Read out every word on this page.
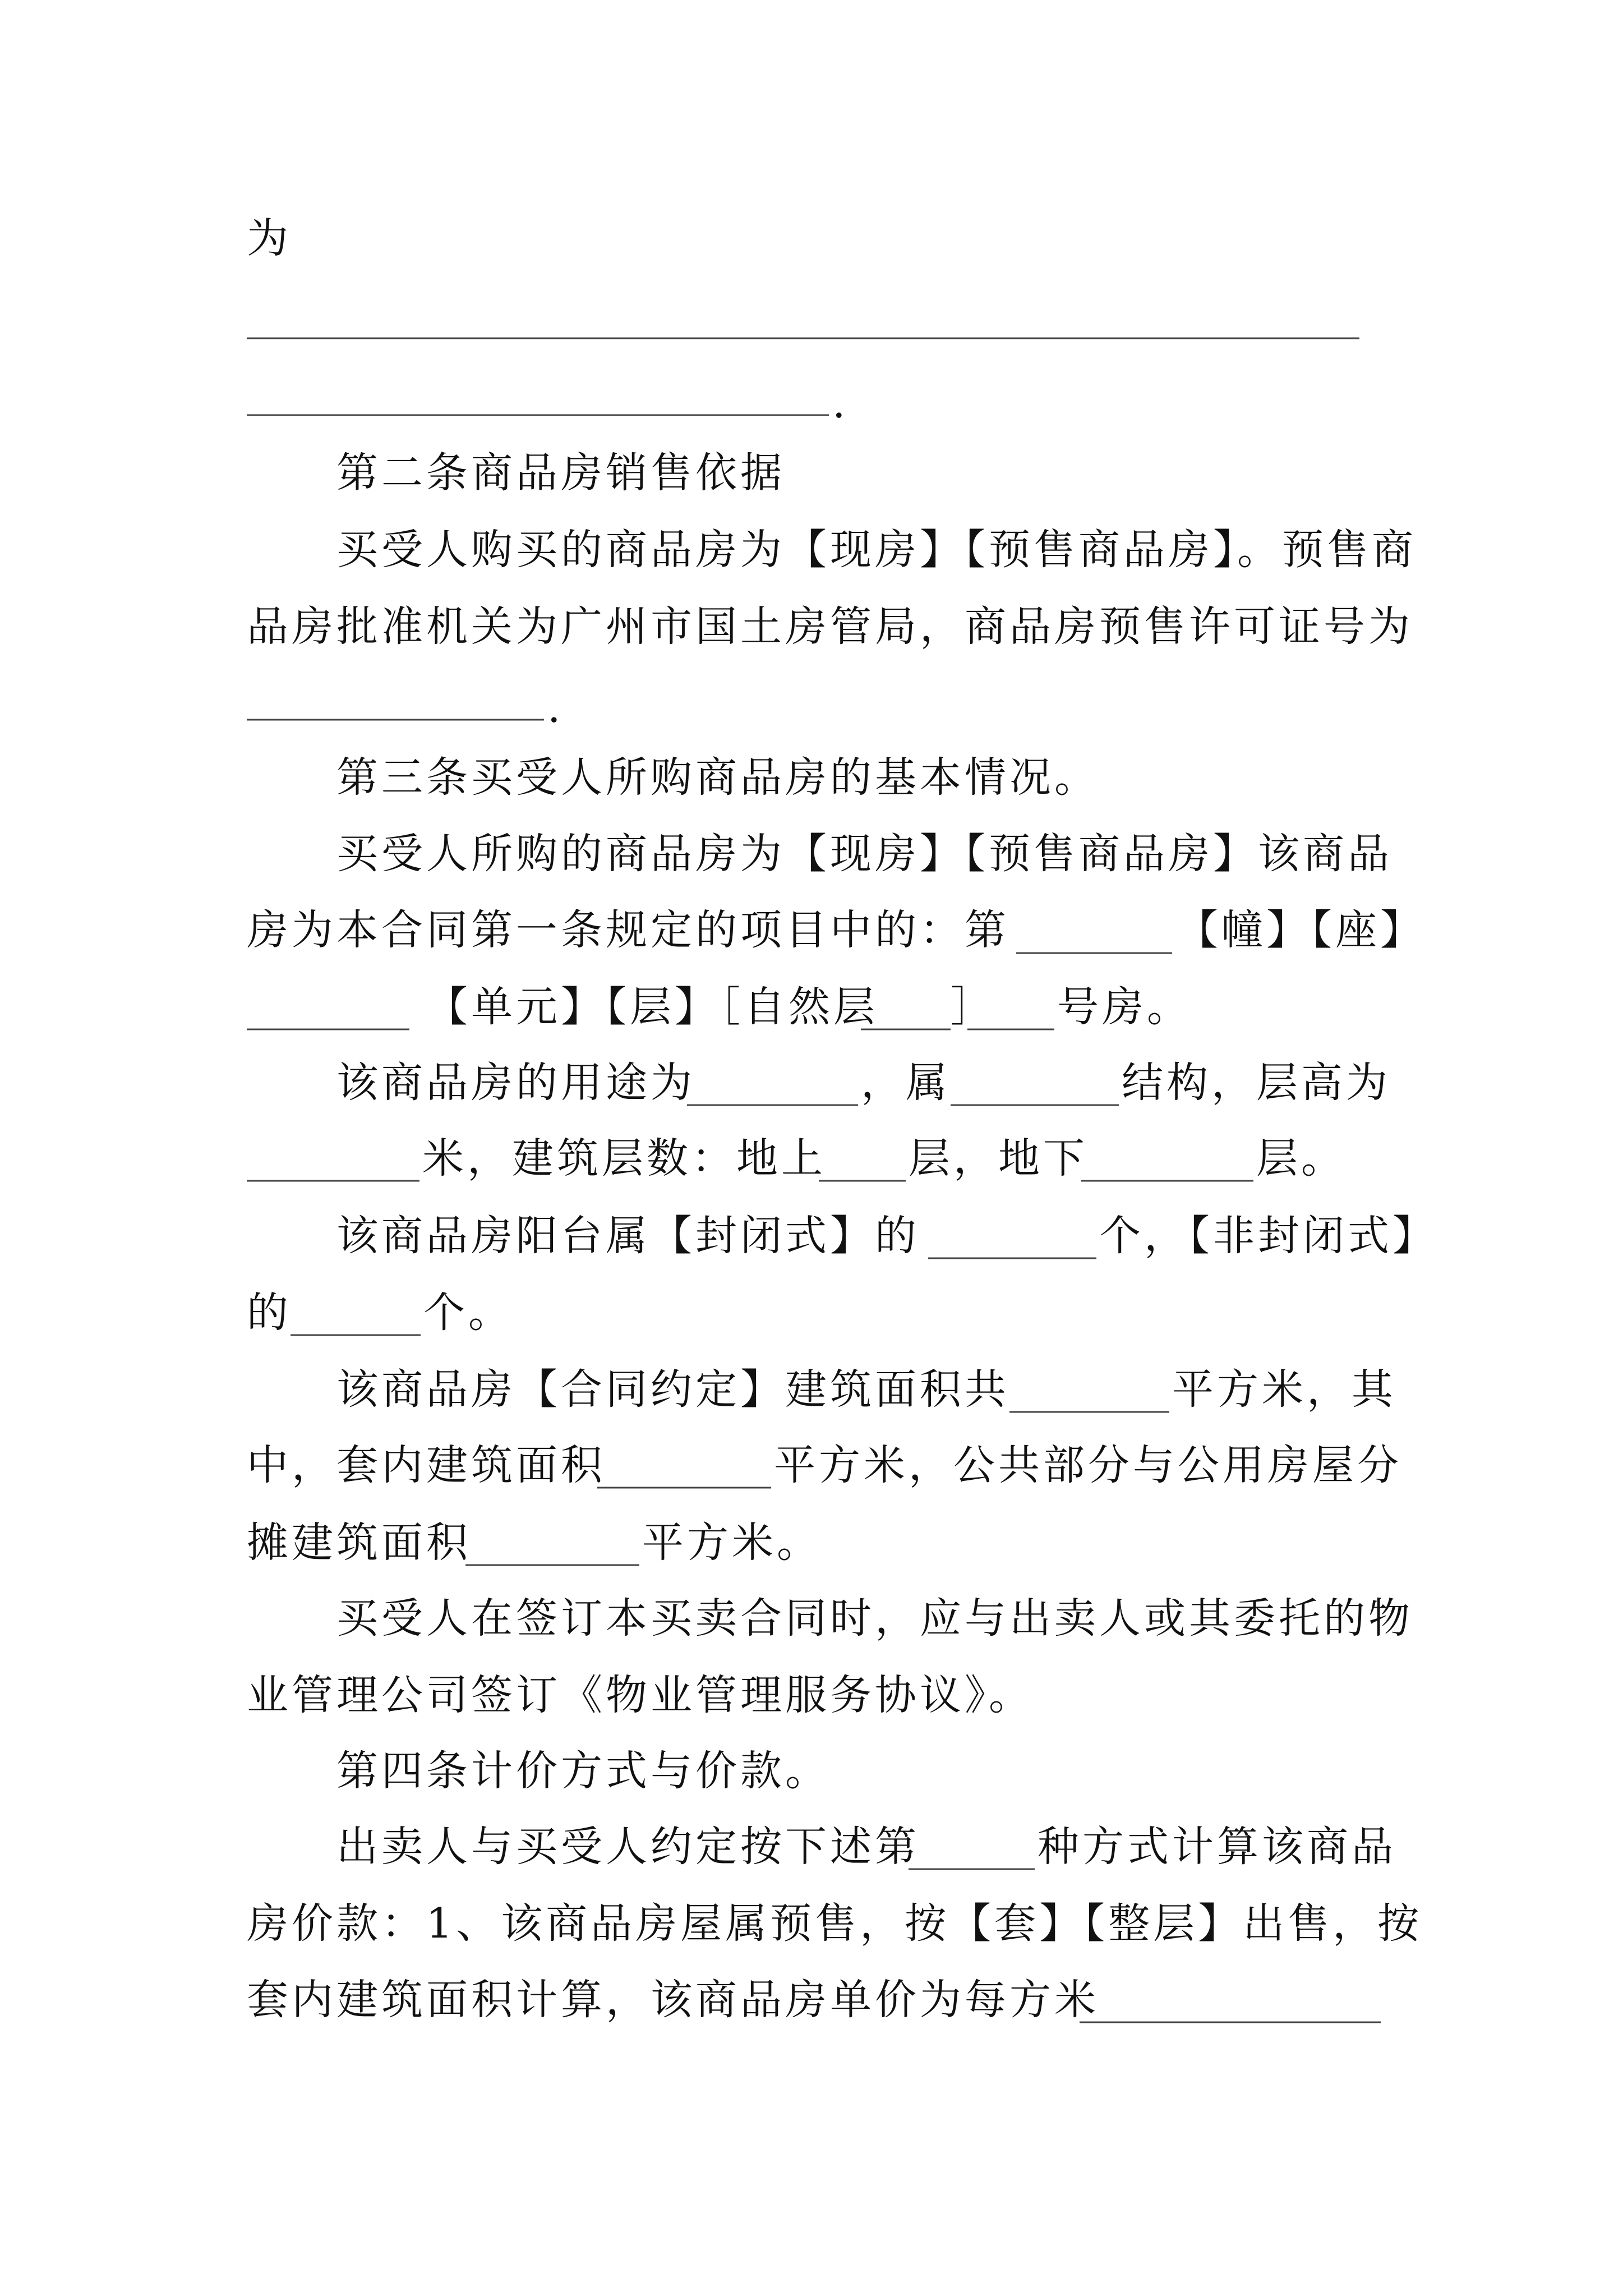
为
.
第二条商品房销售依据
买受人购买的商品房为【现房】【预售商品房】。预售商
品房批准机关为广州市国土房管局，商品房预售许可证号为
.
第三条买受人所购商品房的基本情况。
买受人所购的商品房为【现房】【预售商品房】该商品
房为本合同第一条规定的项目中的：第	【幢】【座】
【单元】【层】［自然层 ］ 号房。
该商品房的用途为	，属	结构，层高为
米，建筑层数：地上 层，地下	层。
该商品房阳台属【封闭式】的	个，【非封闭式】
的	个。
该商品房【合同约定】建筑面积共	平方米，其
中，套内建筑面积	平方米，公共部分与公用房屋分
摊建筑面积	平方米。
买受人在签订本买卖合同时，应与出卖人或其委托的物
业管理公司签订《物业管理服务协议》。
第四条计价方式与价款。
出卖人与买受人约定按下述第	种方式计算该商品
房价款：1、该商品房屋属预售，按【套】【整层】出售，按
套内建筑面积计算，该商品房单价为每方米
